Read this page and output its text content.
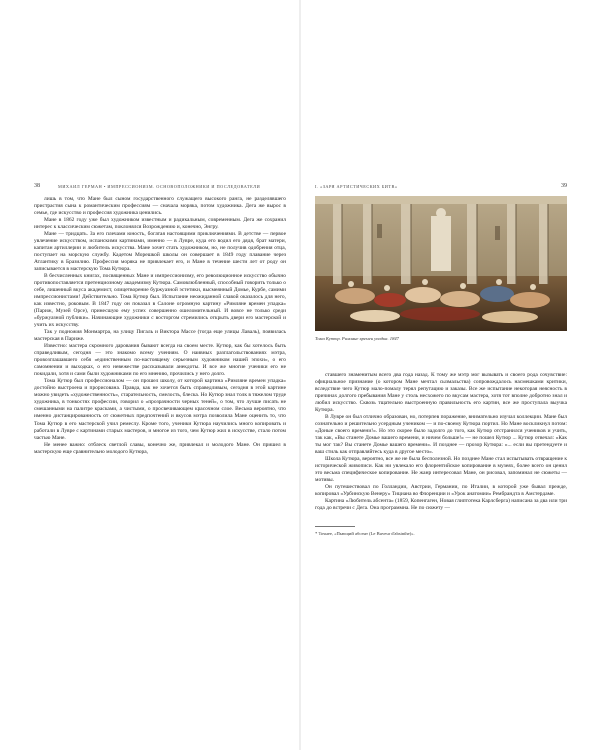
38	МИХАИЛ ГЕРМАН • ИМПРЕССИОНИЗМ. ОСНОВОПОЛОЖНИКИ И ПОСЛЕДОВАТЕЛИ

лишь в том, что Мане был сыном государственного служащего высокого ранга, не разделявшего пристрастия сына к романтическим профессиям — сначала моряка, потом художника. Дега же вырос в семье, где искусство и профессия художника ценились.

Мане в 1862 году уже был художником известным и радикальным, современным. Дега же сохранил интерес к классическим сюжетам, поклонялся Возрождению и, конечно, Энгру.

Мане — тридцать. За его плечами юность, богатая настоящими приключениями. В детстве — первое увлечение искусством, испанскими картинами, именно — в Лувре, куда его водил его дядя, брат матери, капитан артиллерии и любитель искусства. Мане хочет стать художником, но, не получив одобрения отца, поступает на морскую службу. Кадетом Морешкой школы он совершает в 1849 году плавание через Атлантику в Бразилию. Профессия моряка не привлекает его, и Мане в течение шести лет от роду он записывается в мастерскую Тома Кутюра.

В бесчисленных книгах, посвященных Мане и импрессионизму, его революционное искусство обычно противопоставляется претенциозному академизму Кутюра. Самовлюбленный, способный говорить только о себе, лишенный вкуса академист, олицетворение буржуазной эстетики, высмеянный Домье, Курбе, самими импрессионистами! Действительно. Тома Кутюр был. Испытание неожиданной славой оказалось для него, как известно, роковым. В 1847 году он показал в Салоне огромную картину «Римляне времен упадка» (Париж, Музей Орсе), принесшую ему успех совершенно ошеломительный. И вовсе не только среди «буржуазной публики». Начинающие художники с восторгом стремились открыть двери его мастерской и учить их искусству.

Так у подножия Монмартра, на улицу Пигаль и Виктора Массе (тогда еще улицы Лаваль), появилась мастерская в Париже.

Известно: мастера скромного дарования бывают всегда на своем месте. Кутюр, как бы хотелось быть справедливым, сегодня — это знакомо всему учениям. О наивных разглагольствованиях мэтра, провозглашавшего себя «единственным по-настоящему серьезным художником нашей эпохи», о его самомнении и выходках, о его невежестве рассказывали анекдоты. И все же многие ученики его не покидали, хотя и сами были художниками по его мнению, прочились у него долго.

Тома Кутюр был профессионалом — он прошел школу, от которой картина «Римляне времен упадка» достойно выстроена и прорисована. Правда, как не хочется быть справедливым, сегодня в этой картине можно увидеть «художественность», старательность, смелость, блеска. Но Кутюр знал толк в тяжелом труде художника, в тонкостях профессии, говорил о «прозрачности черных теней», о том, что лучше писать не смешанными на палитре красками, а чистыми, о просвечивающем красочном слое. Весьма вероятно, что именно дистанцированность от сюжетных предпочтений и вкусов мэтра позволила Мане оценить то, что Тома Кутюр в его мастерской учил ремеслу. Кроме того, ученики Кутюра научились много копировать и работали в Лувре с картинами старых мастеров, и многое из того, чем Кутюр жил в искусстве, стало потом частью Мане.

Не менее важно: отблеск светлой славы, конечно же, привлекал и молодого Мане. Он пришел в мастерскую еще сравнительно молодого Кутюра,

I. «ЗАРЯ АРТИСТИЧЕСКИХ БИТВ»	39
Тома Кутюр. Римляне времен упадка. 1847

ставшего знаменитым всего два года назад. К тому же мэтр мог вызывать и своего рода сочувствие: официальное признание (о котором Мане мечтал сызмальства) сопровождалось насмешками критики, вследствие чего Кутюр мало-помалу терял репутацию и заказы. Все же испытание некоторая неясность в причинах долгого пребывания Мане у столь несхожего по вкусам мастера, хотя тот вполне добротно знал и любил искусство. Сквозь тщательно выстроенную правильность его картин, все же проступала выучка Кутюра.

В Лувре он был отлично образован, но, потерпев поражение, внимательно изучал коллекции. Мане был сознательно и решительно усердным учеником — и по-своему Кутюра портил. Но Мане воскликнул потом: «Доные своего времени!». Но это скорее было задолго до того, как Кутюр отстранился учеников и учить, так как, «Вы станете Домье вашего времени, и ничем больше!» — не пошел Кутюр ... Кутюр отвечал: «Как ты мог так? Вы станете Домье вашего времени». И позднее — прозор Кутюра: «... если вы претендуете и ваш стиль как отправляйтесь куда в другое место».

Школа Кутюра, вероятно, все же не была бесполезной. Но позднее Мане стал испытывать отвращение к исторической живописи. Как ни увлекало его флорентийское копирование в музеях, более всего он ценил это весьма специфическое копирование. Не жанр интересовал Мане, он рисовал, запоминал не сюжеты — мотивы.

Он путешествовал по Голландии, Австрии, Германии, по Италии, в которой уже бывал прежде, копировал «Урбинскую Венеру» Тициана во Флоренции и «Урок анатомии» Рембрандта в Амстердаме.

Картина «Любитель абсента» (1859, Копенгаген, Новая глиптотека Карлсберга) написана за два или три года до встречи с Дега. Она программна. Не по сюжету —

* Точнее, «Пьющий абсент (Le Buveur d'absinthe)».
